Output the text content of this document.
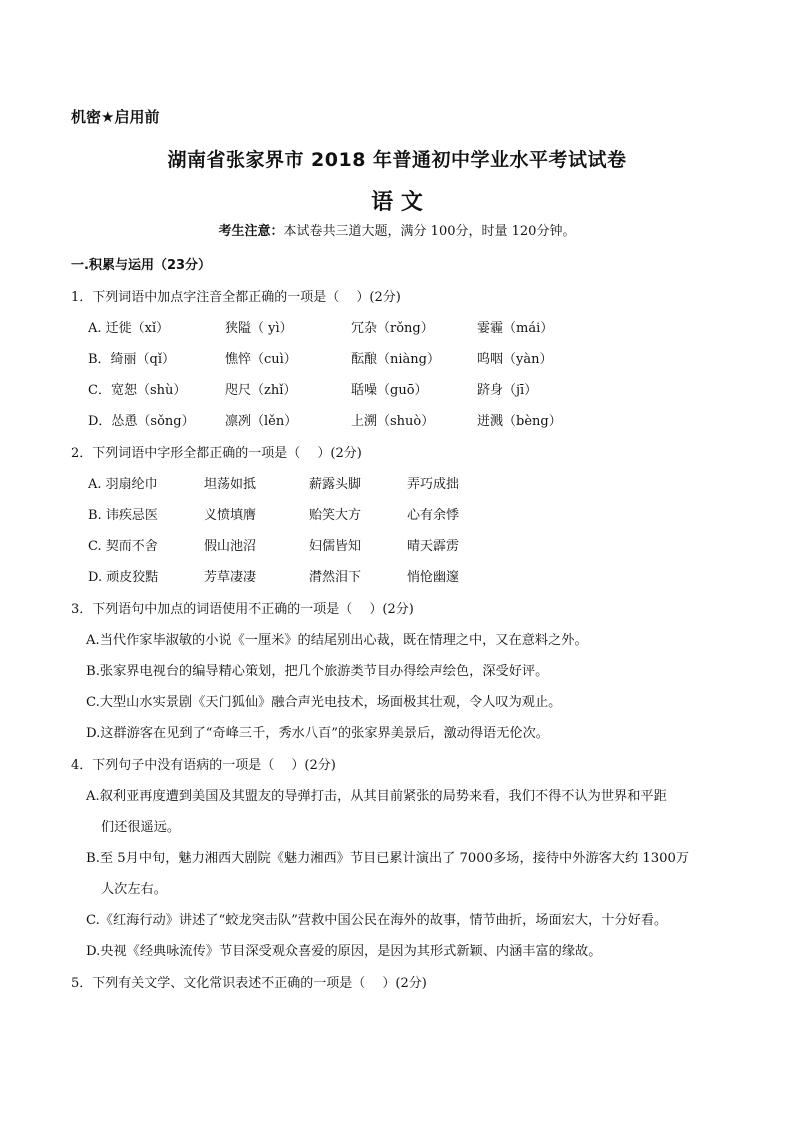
机密★启用前
湖南省张家界市 2018 年普通初中学业水平考试试卷
语 文
考生注意：本试卷共三道大题，满分 100分，时量 120分钟。
一.积累与运用（23分）
1．下列词语中加点字注音全都正确的一项是（　 ）(2分)
A. 迁徙（xǐ）	狭隘（ yì）	冗杂（rǒng）	霎霾（mái）
B．绮丽（qǐ）	憔悴（cuì）	酝酿（niàng）	呜咽（yàn）
C．宽恕（shù）	咫尺（zhǐ）	聒噪（guō）	跻身（jī）
D．怂恿（sǒng） 凛冽（lěn）	上溯（shuò）	迸溅（bèng）
2．下列词语中字形全都正确的一项是（　 ）(2分)
A. 羽扇纶巾	坦荡如抵	薪露头脚	弄巧成拙
B. 讳疾忌医	义愤填膺	贻笑大方	心有余悸
C. 契而不舍	假山池沼	妇儒皆知	晴天霹雳
D. 顽皮狡黠	芳草凄凄	潸然泪下	悄怆幽邃
3．下列语句中加点的词语使用不正确的一项是（　 ）(2分)
A.当代作家毕淑敏的小说《一厘米》的结尾别出心裁，既在情理之中，又在意料之外。
B.张家界电视台的编导精心策划，把几个旅游类节目办得绘声绘色，深受好评。
C.大型山水实景剧《天门狐仙》融合声光电技术，场面极其壮观，令人叹为观止。
D.这群游客在见到了“奇峰三千，秀水八百”的张家界美景后，激动得语无伦次。
4．下列句子中没有语病的一项是（　 ）(2分)
A.叙利亚再度遭到美国及其盟友的导弹打击，从其目前紧张的局势来看，我们不得不认为世界和平距
们还很遥远。
B.至 5月中旬，魅力湘西大剧院《魅力湘西》节目已累计演出了 7000多场，接待中外游客大约 1300万
人次左右。
C.《红海行动》讲述了“蛟龙突击队”营救中国公民在海外的故事，情节曲折，场面宏大，十分好看。
D.央视《经典咏流传》节目深受观众喜爱的原因，是因为其形式新颖、内涵丰富的缘故。
5．下列有关文学、文化常识表述不正确的一项是（　 ）(2分)
